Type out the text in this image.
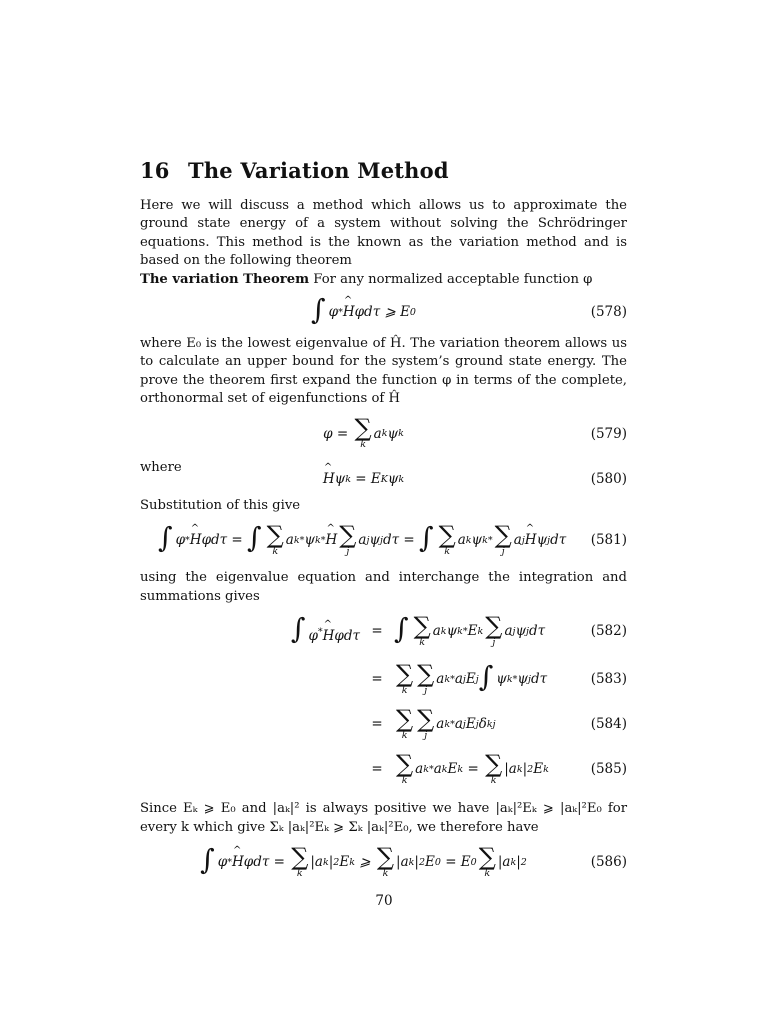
16 The Variation Method

Here we will discuss a method which allows us to approximate the ground state energy of a system without solving the Schrödringer equations. This method is the known as the variation method and is based on the following theorem

The variation Theorem For any normalized acceptable function φ

∫ φ * ^ H φdτ ⩾ E 0	(578)

where E₀ is the lowest eigenvalue of Ĥ. The variation theorem allows us to calculate an upper bound for the system’s ground state energy. The prove the theorem first expand the function φ in terms of the complete, orthonormal set of eigenfunctions of Ĥ

φ = ∑
k
a k ψ k	(579)

where

^ H ψ k = E K ψ k	(580)

Substitution of this give

∫ φ * ^ H φdτ = ∫ ∑
k
a k * ψ k * ^ H ∑
j
a j ψ j dτ = ∫ ∑
k
a k ψ k * ∑
j
a j ^ H ψ j dτ	(581)

using the eigenvalue equation and interchange the integration and summations gives

∫ φ*^ Hφdτ = ∫ ∑
k
a k ψ k * E k ∑
j
a j ψ j dτ	(582)
= ∑
k
∑
j
a k * a j E j ∫ ψ k * ψ j dτ	(583)
= ∑
k
∑
j
a k * a j E j δ kj	(584)
= ∑
k
a k * a k E k = ∑
k
|a k | 2 E k	(585)

Since Eₖ ⩾ E₀ and |aₖ|² is always positive we have |aₖ|²Eₖ ⩾ |aₖ|²E₀ for every k which give Σₖ |aₖ|²Eₖ ⩾ Σₖ |aₖ|²E₀, we therefore have

∫ φ * ^ H φdτ = ∑
k
|a k | 2 E k ⩾ ∑
k
|a k | 2 E 0 = E 0 ∑
k
|a k | 2	(586)
70
